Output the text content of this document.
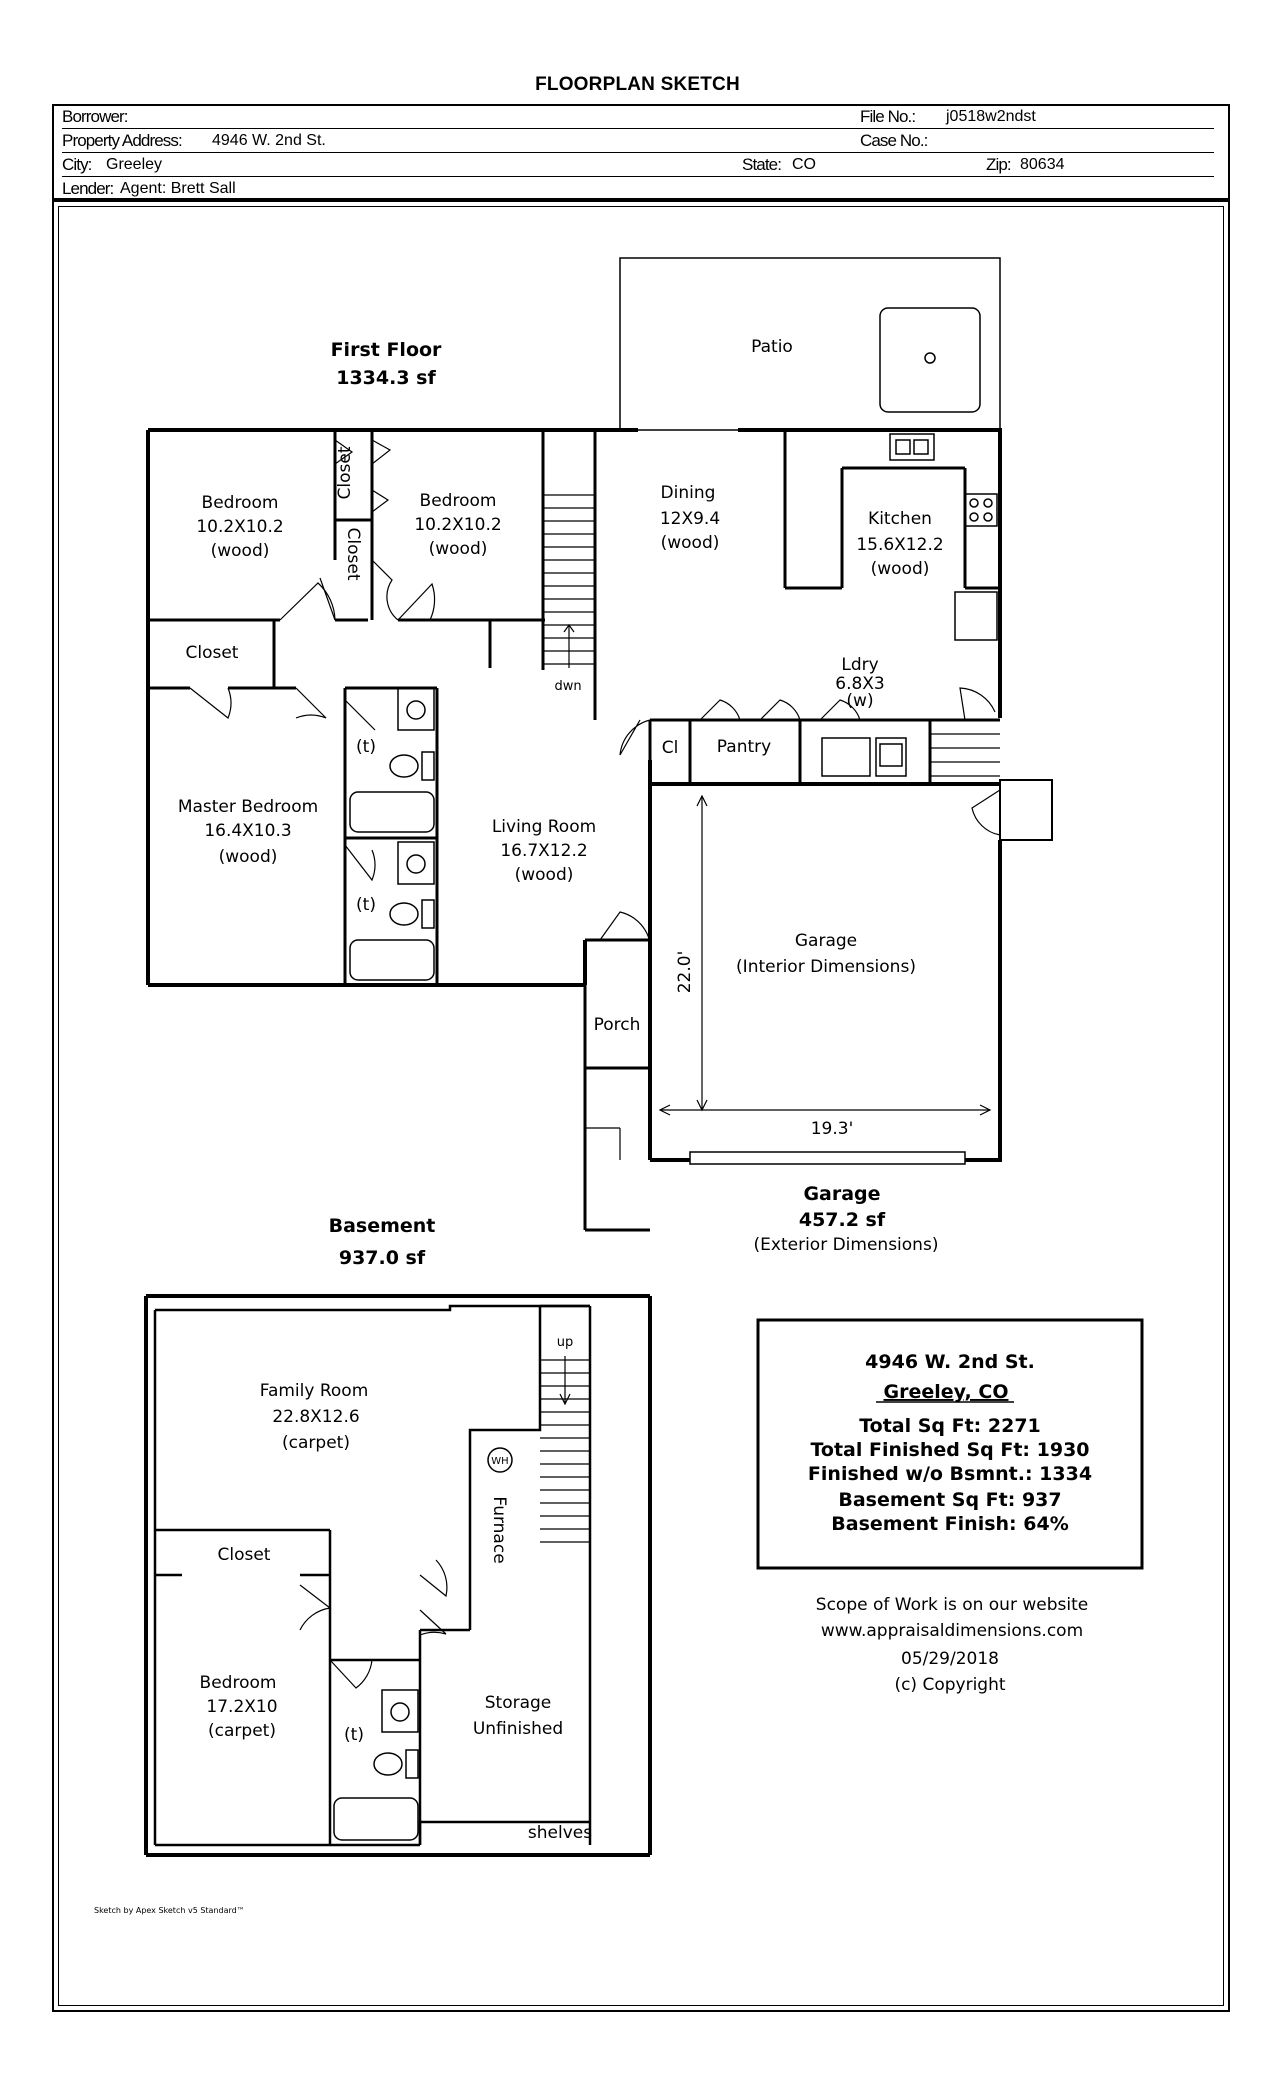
FLOORPLAN SKETCH
Borrower:	File No.: j0518w2ndst
Property Address: 4946 W. 2nd St.	Case No.:
City: Greeley	State: CO	Zip: 80634
Lender: Agent: Brett Sall
First Floor
1334.3 sf
Patio
Bedroom
10.2X10.2
(wood)
Bedroom
10.2X10.2
(wood)
Closet
Closet
Closet
Dining
12X9.4
(wood)
Kitchen
15.6X12.2
(wood)
dwn
Ldry
6.8X3
(w)
Cl Pantry
(t)
(t)
Master Bedroom
16.4X10.3
(wood)
Living Room
16.7X12.2
(wood)
Porch
Garage
(Interior Dimensions)
22.0'
19.3'
Garage
457.2 sf
(Exterior Dimensions)
Basement
937.0 sf
up
Family Room
22.8X12.6
(carpet)
WH
Furnace
Closet
Bedroom
17.2X10
(carpet)	(t)
Storage
Unfinished
shelves
4946 W. 2nd St.
Greeley, CO
Total Sq Ft: 2271
Total Finished Sq Ft: 1930
Finished w/o Bsmnt.: 1334
Basement Sq Ft: 937
Basement Finish: 64%
Scope of Work is on our website
www.appraisaldimensions.com
05/29/2018
(c) Copyright
Sketch by Apex Sketch v5 Standard™
